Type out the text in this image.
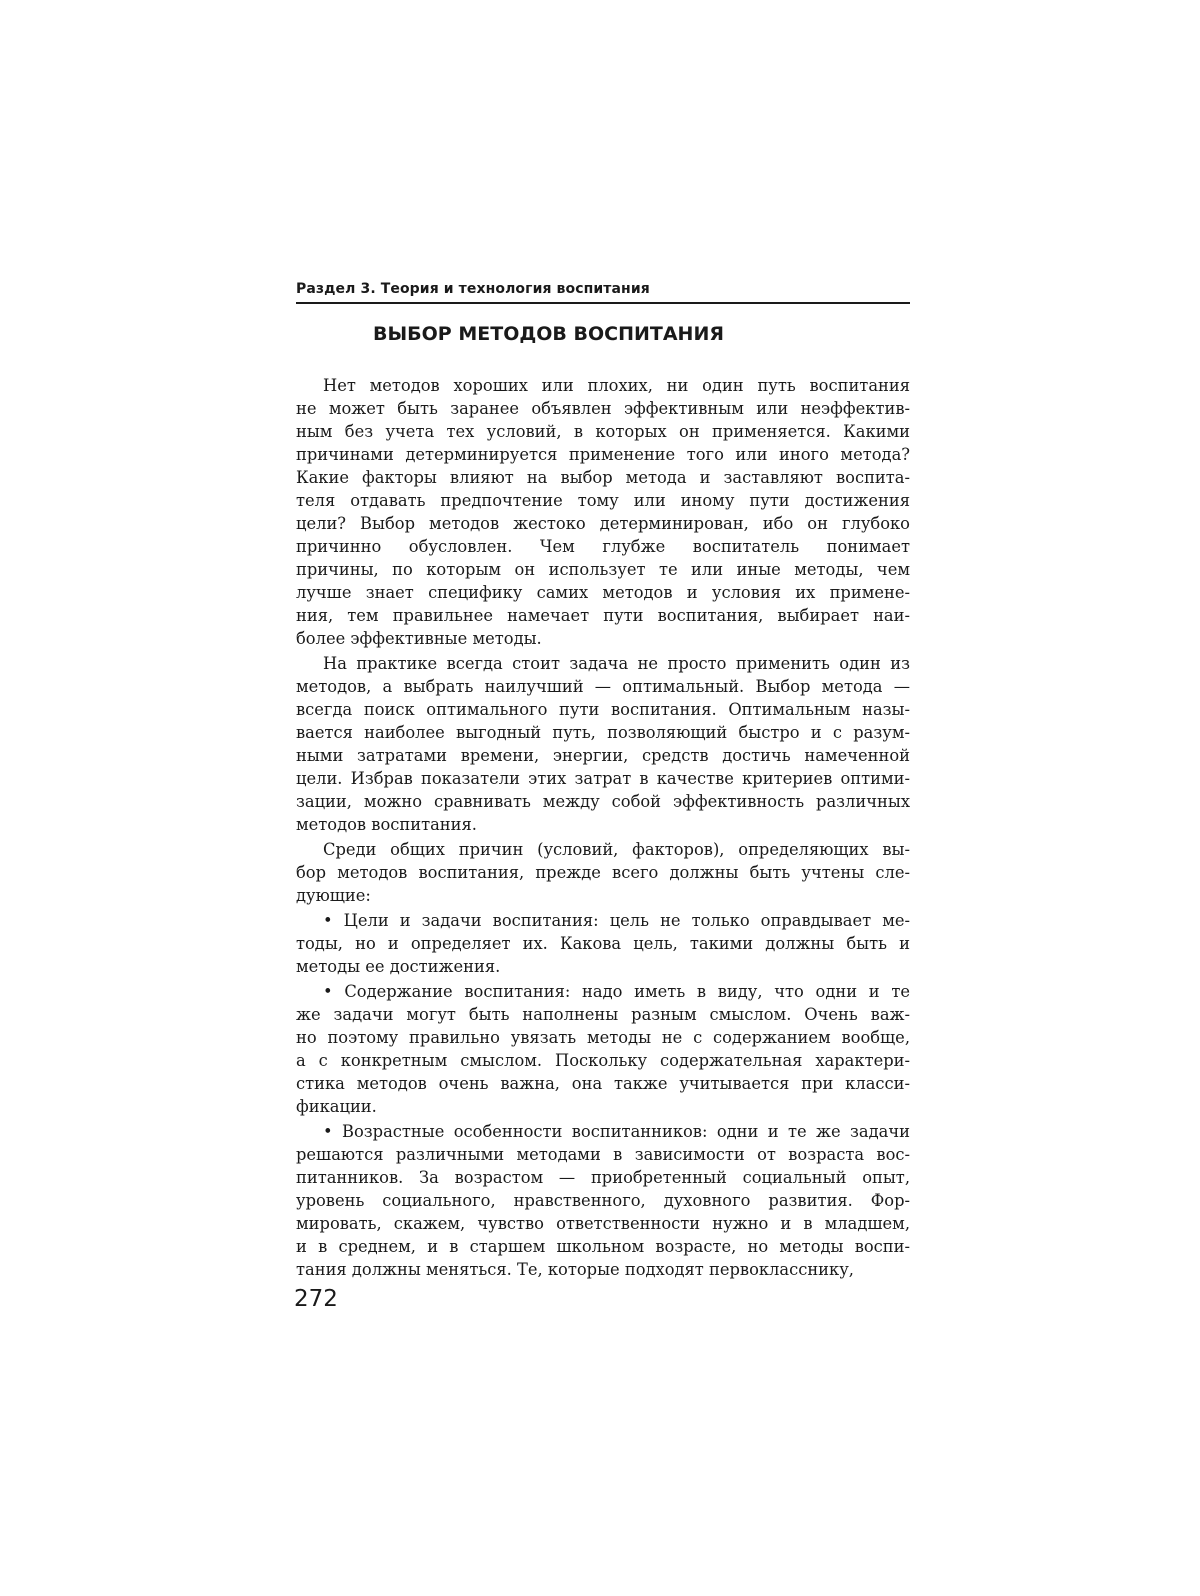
Раздел 3. Теория и технология воспитания
ВЫБОР МЕТОДОВ ВОСПИТАНИЯ
Нет методов хороших или плохих, ни один путь воспитания
не может быть заранее объявлен эффективным или неэффектив-
ным без учета тех условий, в которых он применяется. Какими
причинами детерминируется применение того или иного метода?
Какие факторы влияют на выбор метода и заставляют воспита-
теля отдавать предпочтение тому или иному пути достижения
цели? Выбор методов жестоко детерминирован, ибо он глубоко
причинно обусловлен. Чем глубже воспитатель понимает
причины, по которым он использует те или иные методы, чем
лучше знает специфику самих методов и условия их примене-
ния, тем правильнее намечает пути воспитания, выбирает наи-
более эффективные методы.
На практике всегда стоит задача не просто применить один из
методов, а выбрать наилучший — оптимальный. Выбор метода —
всегда поиск оптимального пути воспитания. Оптимальным назы-
вается наиболее выгодный путь, позволяющий быстро и с разум-
ными затратами времени, энергии, средств достичь намеченной
цели. Избрав показатели этих затрат в качестве критериев оптими-
зации, можно сравнивать между собой эффективность различных
методов воспитания.
Среди общих причин (условий, факторов), определяющих вы-
бор методов воспитания, прежде всего должны быть учтены сле-
дующие:
• Цели и задачи воспитания: цель не только оправдывает ме-
тоды, но и определяет их. Какова цель, такими должны быть и
методы ее достижения.
• Содержание воспитания: надо иметь в виду, что одни и те
же задачи могут быть наполнены разным смыслом. Очень важ-
но поэтому правильно увязать методы не с содержанием вообще,
а с конкретным смыслом. Поскольку содержательная характери-
стика методов очень важна, она также учитывается при класси-
фикации.
• Возрастные особенности воспитанников: одни и те же задачи
решаются различными методами в зависимости от возраста вос-
питанников. За возрастом — приобретенный социальный опыт,
уровень социального, нравственного, духовного развития. Фор-
мировать, скажем, чувство ответственности нужно и в младшем,
и в среднем, и в старшем школьном возрасте, но методы воспи-
тания должны меняться. Те, которые подходят первокласснику,
272
